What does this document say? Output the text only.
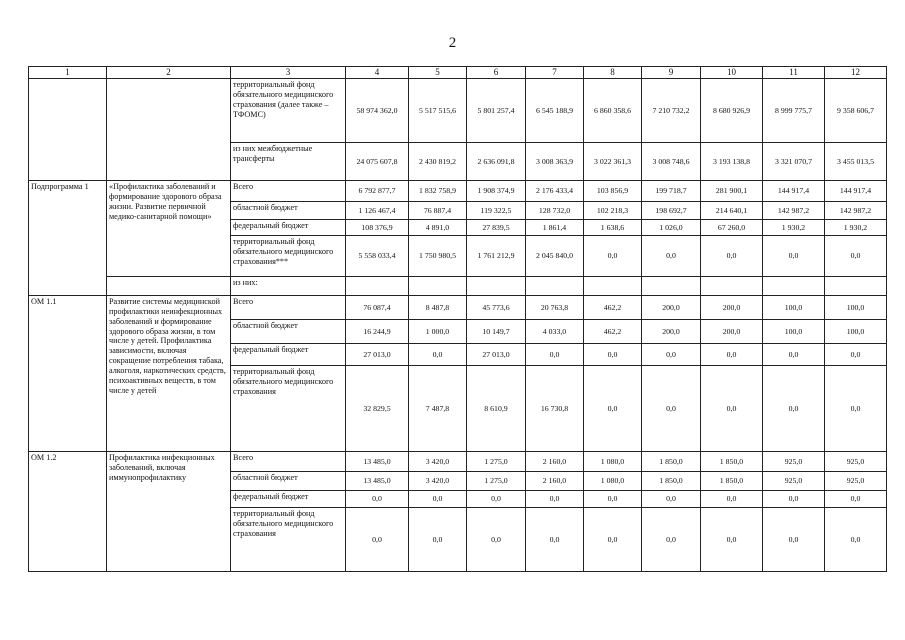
2
1	2	3	4	5	6	7	8	9	10	11	12
		территориальный фонд обязательного медицинского страхования (далее также – ТФОМС)	58 974 362,0	5 517 515,6	5 801 257,4	6 545 188,9	6 860 358,6	7 210 732,2	8 680 926,9	8 999 775,7	9 358 606,7
		из них межбюджетные трансферты	24 075 607,8	2 430 819,2	2 636 091,8	3 008 363,9	3 022 361,3	3 008 748,6	3 193 138,8	3 321 070,7	3 455 013,5
Подпрограмма 1	«Профилактика заболеваний и формирование здорового образа жизни. Развитие первичной медико-санитарной помощи»	Всего	6 792 877,7	1 832 758,9	1 908 374,9	2 176 433,4	103 856,9	199 718,7	281 900,1	144 917,4	144 917,4
		областной бюджет	1 126 467,4	76 887,4	119 322,5	128 732,0	102 218,3	198 692,7	214 640,1	142 987,2	142 987,2
		федеральный бюджет	108 376,9	4 891,0	27 839,5	1 861,4	1 638,6	1 026,0	67 260,0	1 930,2	1 930,2
		территориальный фонд обязательного медицинского страхования***	5 558 033,4	1 750 980,5	1 761 212,9	2 045 840,0	0,0	0,0	0,0	0,0	0,0
		из них:									
ОМ 1.1	Развитие системы медицинской профилактики неинфекционных заболеваний и формирование здорового образа жизни, в том числе у детей. Профилактика зависимости, включая сокращение потребления табака, алкоголя, наркотических средств, психоактивных веществ, в том числе у детей	Всего	76 087,4	8 487,8	45 773,6	20 763,8	462,2	200,0	200,0	100,0	100,0
		областной бюджет	16 244,9	1 000,0	10 149,7	4 033,0	462,2	200,0	200,0	100,0	100,0
		федеральный бюджет	27 013,0	0,0	27 013,0	0,0	0,0	0,0	0,0	0,0	0,0
		территориальный фонд обязательного медицинского страхования	32 829,5	7 487,8	8 610,9	16 730,8	0,0	0,0	0,0	0,0	0,0
ОМ 1.2	Профилактика инфекционных заболеваний, включая иммунопрофилактику	Всего	13 485,0	3 420,0	1 275,0	2 160,0	1 080,0	1 850,0	1 850,0	925,0	925,0
		областной бюджет	13 485,0	3 420,0	1 275,0	2 160,0	1 080,0	1 850,0	1 850,0	925,0	925,0
		федеральный бюджет	0,0	0,0	0,0	0,0	0,0	0,0	0,0	0,0	0,0
		территориальный фонд обязательного медицинского страхования	0,0	0,0	0,0	0,0	0,0	0,0	0,0	0,0	0,0
